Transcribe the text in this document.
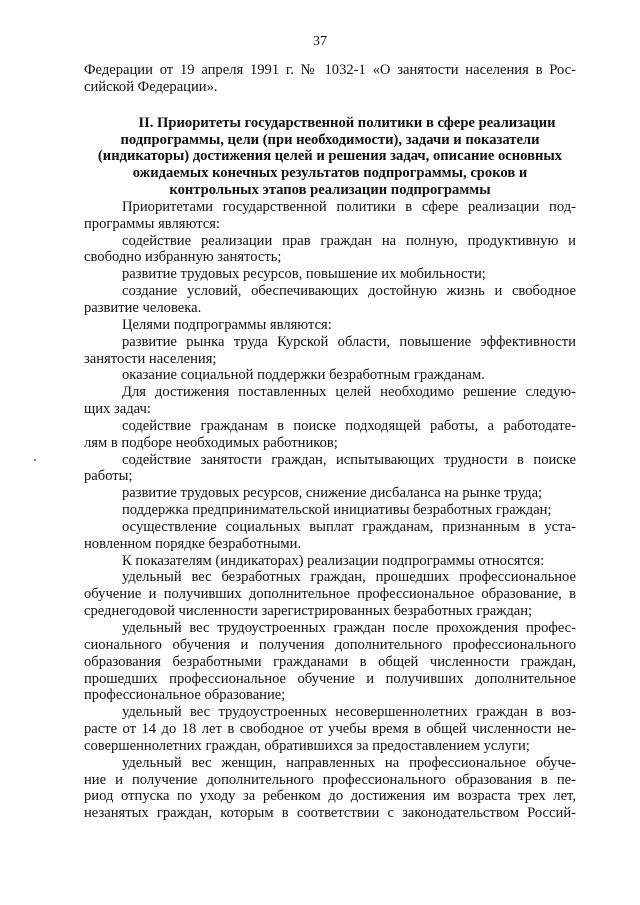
37
Федерации от 19 апреля 1991 г. № 1032-1 «О занятости населения в Рос-
сийской Федерации».
II. Приоритеты государственной политики в сфере реализации
подпрограммы, цели (при необходимости), задачи и показатели
(индикаторы) достижения целей и решения задач, описание основных
ожидаемых конечных результатов подпрограммы, сроков и
контрольных этапов реализации подпрограммы
Приоритетами государственной политики в сфере реализации под-
программы являются:
содействие реализации прав граждан на полную, продуктивную и
свободно избранную занятость;
развитие трудовых ресурсов, повышение их мобильности;
создание условий, обеспечивающих достойную жизнь и свободное
развитие человека.
Целями подпрограммы являются:
развитие рынка труда Курской области, повышение эффективности
занятости населения;
оказание социальной поддержки безработным гражданам.
Для достижения поставленных целей необходимо решение следую-
щих задач:
содействие гражданам в поиске подходящей работы, а работодате-
лям в подборе необходимых работников;
содействие занятости граждан, испытывающих трудности в поиске
работы;
развитие трудовых ресурсов, снижение дисбаланса на рынке труда;
поддержка предпринимательской инициативы безработных граждан;
осуществление социальных выплат гражданам, признанным в уста-
новленном порядке безработными.
К показателям (индикаторах) реализации подпрограммы относятся:
удельный вес безработных граждан, прошедших профессиональное
обучение и получивших дополнительное профессиональное образование, в
среднегодовой численности зарегистрированных безработных граждан;
удельный вес трудоустроенных граждан после прохождения профес-
сионального обучения и получения дополнительного профессионального
образования безработными гражданами в общей численности граждан,
прошедших профессиональное обучение и получивших дополнительное
профессиональное образование;
удельный вес трудоустроенных несовершеннолетних граждан в воз-
расте от 14 до 18 лет в свободное от учебы время в общей численности не-
совершеннолетних граждан, обратившихся за предоставлением услуги;
удельный вес женщин, направленных на профессиональное обуче-
ние и получение дополнительного профессионального образования в пе-
риод отпуска по уходу за ребенком до достижения им возраста трех лет,
незанятых граждан, которым в соответствии с законодательством Россий-
